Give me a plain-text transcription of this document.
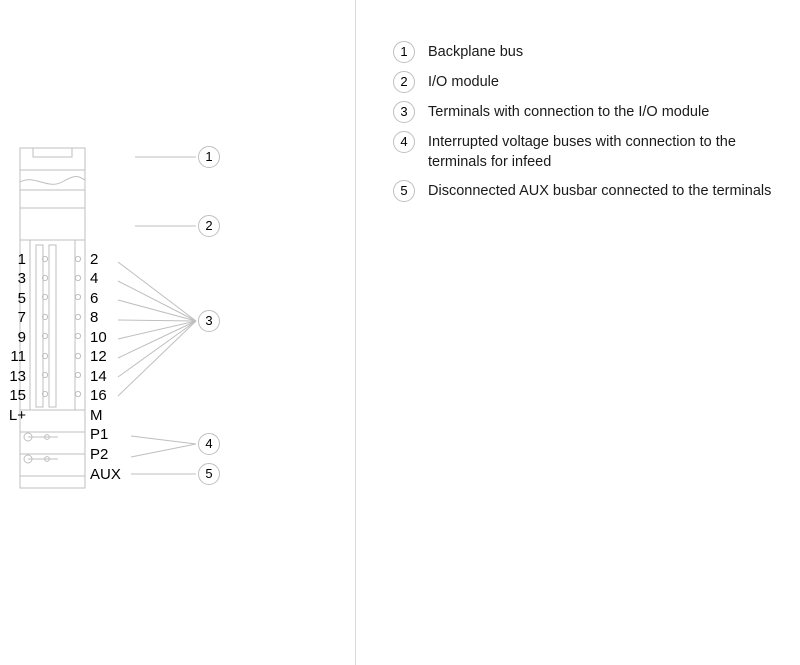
1
3
5
7
9
11
13
15
L+
2
4
6
8
10
12
14
16
M
P1
P2
AUX
1
2
3
4
5
1	Backplane bus
2	I/O module
3	Terminals with connection to the I/O module
4	Interrupted voltage buses with connection to the terminals for infeed
5	Disconnected AUX busbar connected to the terminals
